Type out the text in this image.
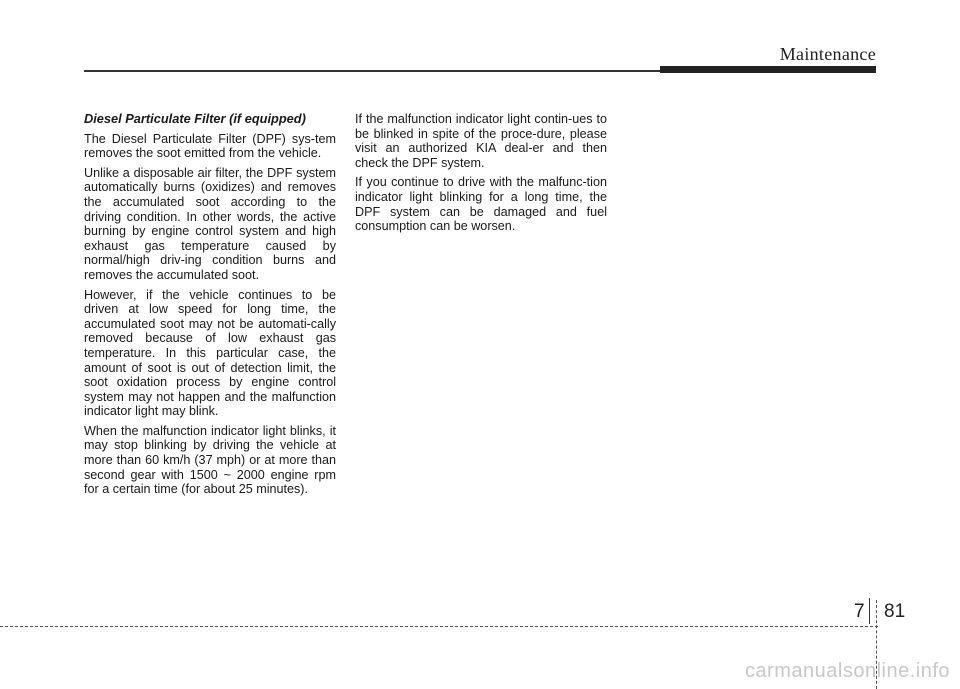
Maintenance

Diesel Particulate Filter (if equipped)

The Diesel Particulate Filter (DPF) sys-tem removes the soot emitted from the vehicle.

Unlike a disposable air filter, the DPF system automatically burns (oxidizes) and removes the accumulated soot according to the driving condition. In other words, the active burning by engine control system and high exhaust gas temperature caused by normal/high driv-ing condition burns and removes the accumulated soot.

However, if the vehicle continues to be driven at low speed for long time, the accumulated soot may not be automati-cally removed because of low exhaust gas temperature. In this particular case, the amount of soot is out of detection limit, the soot oxidation process by engine control system may not happen and the malfunction indicator light may blink.

When the malfunction indicator light blinks, it may stop blinking by driving the vehicle at more than 60 km/h (37 mph) or at more than second gear with 1500 ~ 2000 engine rpm for a certain time (for about 25 minutes).

If the malfunction indicator light contin-ues to be blinked in spite of the proce-dure, please visit an authorized KIA deal-er and then check the DPF system.

If you continue to drive with the malfunc-tion indicator light blinking for a long time, the DPF system can be damaged and fuel consumption can be worsen.

7 81
carmanualsonline.info
